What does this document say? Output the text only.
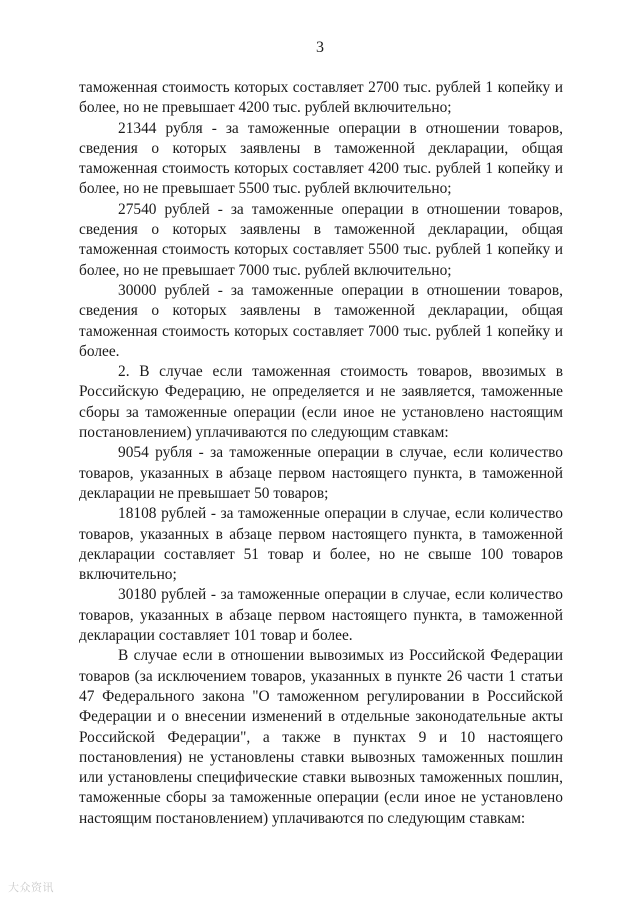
3

таможенная стоимость которых составляет 2700 тыс. рублей 1 копейку и более, но не превышает 4200 тыс. рублей включительно;

21344 рубля - за таможенные операции в отношении товаров, сведения о которых заявлены в таможенной декларации, общая таможенная стоимость которых составляет 4200 тыс. рублей 1 копейку и более, но не превышает 5500 тыс. рублей включительно;

27540 рублей - за таможенные операции в отношении товаров, сведения о которых заявлены в таможенной декларации, общая таможенная стоимость которых составляет 5500 тыс. рублей 1 копейку и более, но не превышает 7000 тыс. рублей включительно;

30000 рублей - за таможенные операции в отношении товаров, сведения о которых заявлены в таможенной декларации, общая таможенная стоимость которых составляет 7000 тыс. рублей 1 копейку и более.

2. В случае если таможенная стоимость товаров, ввозимых в Российскую Федерацию, не определяется и не заявляется, таможенные сборы за таможенные операции (если иное не установлено настоящим постановлением) уплачиваются по следующим ставкам:

9054 рубля - за таможенные операции в случае, если количество товаров, указанных в абзаце первом настоящего пункта, в таможенной декларации не превышает 50 товаров;

18108 рублей - за таможенные операции в случае, если количество товаров, указанных в абзаце первом настоящего пункта, в таможенной декларации составляет 51 товар и более, но не свыше 100 товаров включительно;

30180 рублей - за таможенные операции в случае, если количество товаров, указанных в абзаце первом настоящего пункта, в таможенной декларации составляет 101 товар и более.

В случае если в отношении вывозимых из Российской Федерации товаров (за исключением товаров, указанных в пункте 26 части 1 статьи 47 Федерального закона "О таможенном регулировании в Российской Федерации и о внесении изменений в отдельные законодательные акты Российской Федерации", а также в пунктах 9 и 10 настоящего постановления) не установлены ставки вывозных таможенных пошлин или установлены специфические ставки вывозных таможенных пошлин, таможенные сборы за таможенные операции (если иное не установлено настоящим постановлением) уплачиваются по следующим ставкам:

大众资讯
